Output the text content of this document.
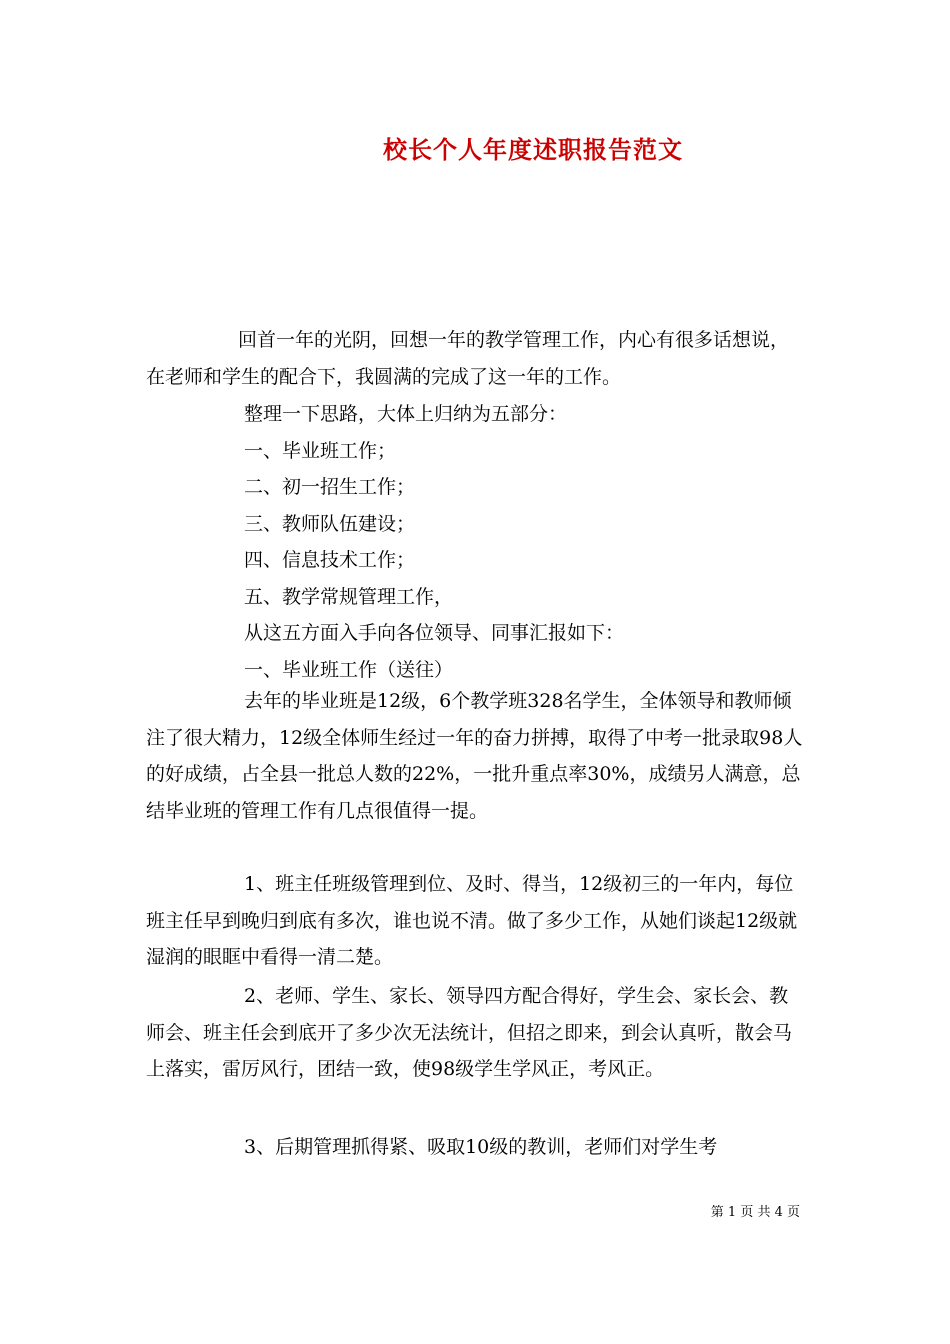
校长个人年度述职报告范文

回首一年的光阴，回想一年的教学管理工作，内心有很多话想说，在老师和学生的配合下，我圆满的完成了这一年的工作。

整理一下思路，大体上归纳为五部分：
一、毕业班工作；
二、初一招生工作；
三、教师队伍建设；
四、信息技术工作；
五、教学常规管理工作，
从这五方面入手向各位领导、同事汇报如下：
一、毕业班工作（送往）

去年的毕业班是12级，6个教学班328名学生，全体领导和教师倾注了很大精力，12级全体师生经过一年的奋力拼搏，取得了中考一批录取98人的好成绩，占全县一批总人数的22%，一批升重点率30%，成绩另人满意，总结毕业班的管理工作有几点很值得一提。

1、班主任班级管理到位、及时、得当，12级初三的一年内，每位班主任早到晚归到底有多次，谁也说不清。做了多少工作，从她们谈起12级就湿润的眼眶中看得一清二楚。

2、老师、学生、家长、领导四方配合得好，学生会、家长会、教师会、班主任会到底开了多少次无法统计，但招之即来，到会认真听，散会马上落实，雷厉风行，团结一致，使98级学生学风正，考风正。

3、后期管理抓得紧、吸取10级的教训，老师们对学生考

第 1 页 共 4 页
